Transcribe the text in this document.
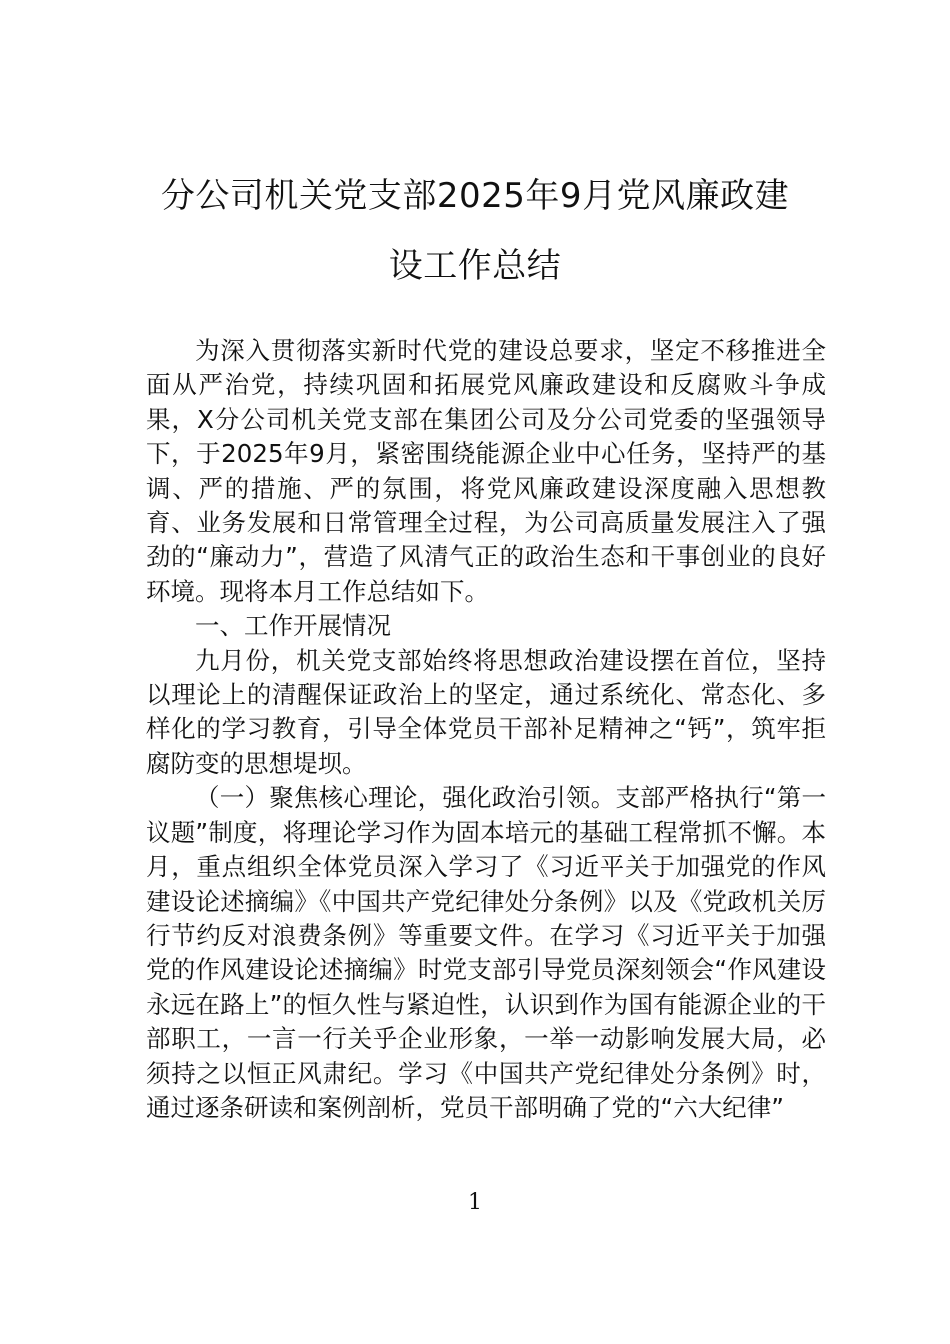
分公司机关党支部2025年9月党风廉政建
设工作总结

为深入贯彻落实新时代党的建设总要求，坚定不移推进全面从严治党，持续巩固和拓展党风廉政建设和反腐败斗争成果，X分公司机关党支部在集团公司及分公司党委的坚强领导下，于2025年9月，紧密围绕能源企业中心任务，坚持严的基调、严的措施、严的氛围，将党风廉政建设深度融入思想教育、业务发展和日常管理全过程，为公司高质量发展注入了强劲的“廉动力”，营造了风清气正的政治生态和干事创业的良好环境。现将本月工作总结如下。

一、工作开展情况

九月份，机关党支部始终将思想政治建设摆在首位，坚持以理论上的清醒保证政治上的坚定，通过系统化、常态化、多样化的学习教育，引导全体党员干部补足精神之“钙”，筑牢拒腐防变的思想堤坝。

（一）聚焦核心理论，强化政治引领。支部严格执行“第一议题”制度，将理论学习作为固本培元的基础工程常抓不懈。本月，重点组织全体党员深入学习了《习近平关于加强党的作风建设论述摘编》《中国共产党纪律处分条例》以及《党政机关厉行节约反对浪费条例》等重要文件。在学习《习近平关于加强党的作风建设论述摘编》时党支部引导党员深刻领会“作风建设永远在路上”的恒久性与紧迫性，认识到作为国有能源企业的干部职工，一言一行关乎企业形象，一举一动影响发展大局，必须持之以恒正风肃纪。学习《中国共产党纪律处分条例》时，通过逐条研读和案例剖析，党员干部明确了党的“六大纪律”

1
